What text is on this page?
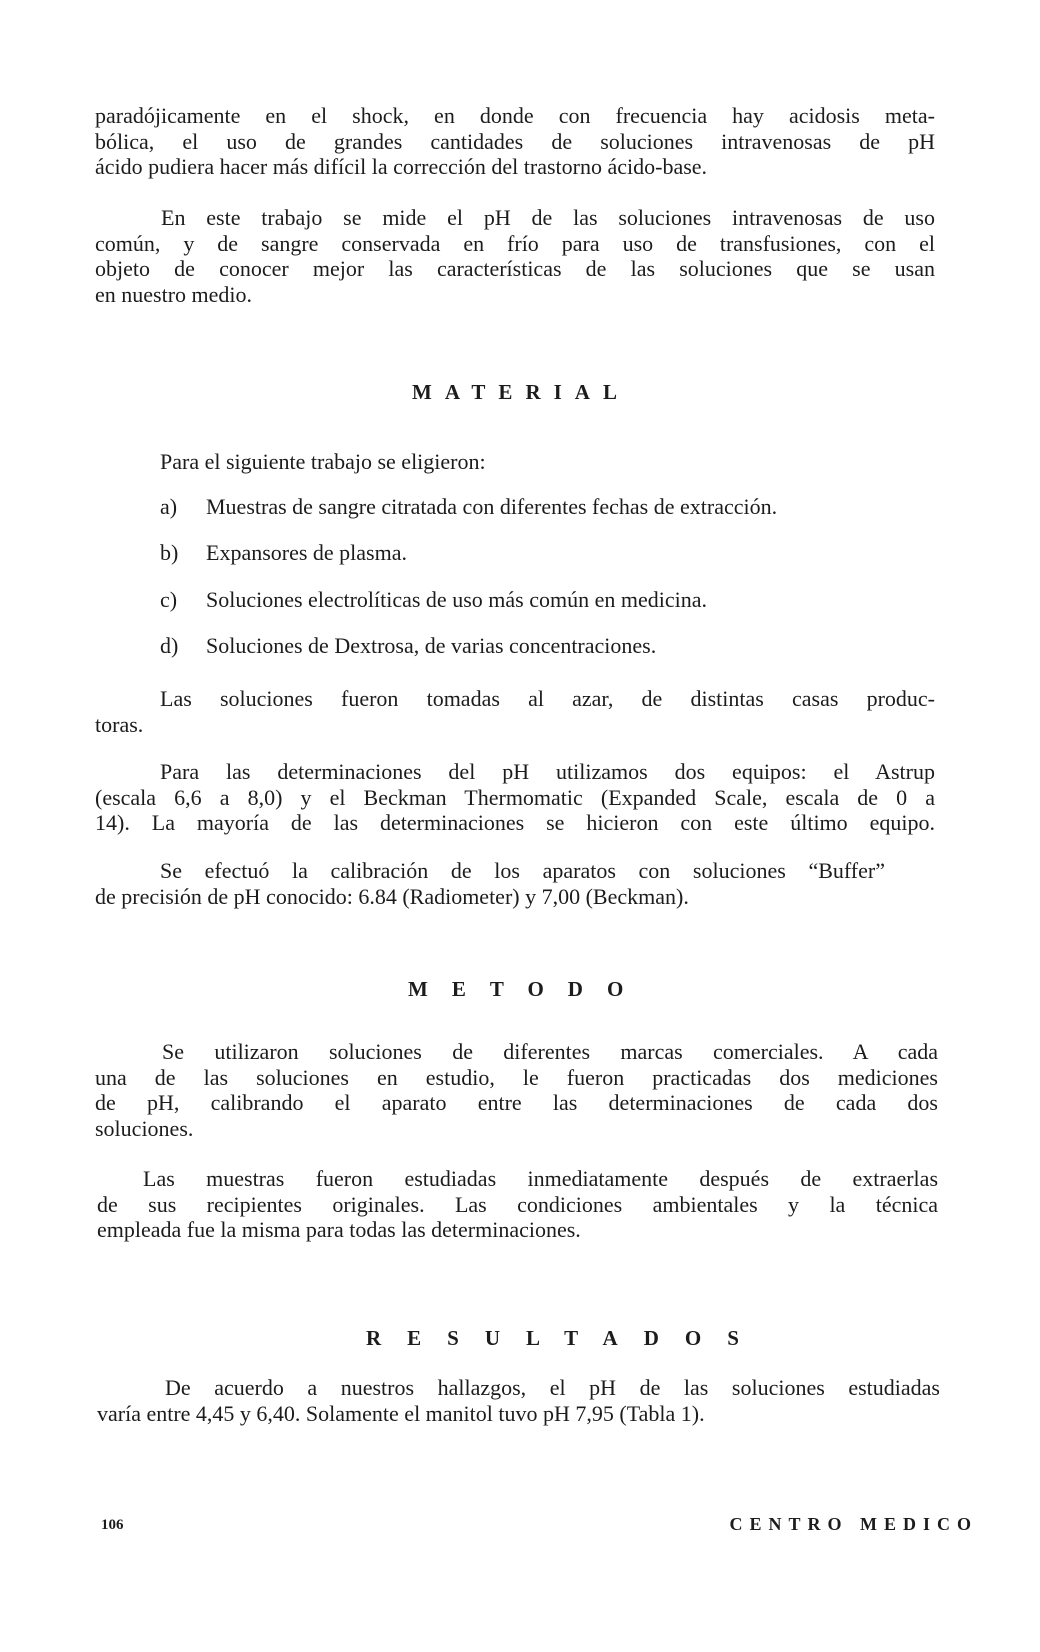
paradójicamente en el shock, en donde con frecuencia hay acidosis meta-
bólica, el uso de grandes cantidades de soluciones intravenosas de pH
ácido pudiera hacer más difícil la corrección del trastorno ácido-base.

En este trabajo se mide el pH de las soluciones intravenosas de uso
común, y de sangre conservada en frío para uso de transfusiones, con el
objeto de conocer mejor las características de las soluciones que se usan
en nuestro medio.

MATERIAL
Para el siguiente trabajo se eligieron:
a) Muestras de sangre citratada con diferentes fechas de extracción.
b) Expansores de plasma.
c) Soluciones electrolíticas de uso más común en medicina.
d) Soluciones de Dextrosa, de varias concentraciones.

Las soluciones fueron tomadas al azar, de distintas casas produc-
toras.

Para las determinaciones del pH utilizamos dos equipos: el Astrup
(escala 6,6 a 8,0) y el Beckman Thermomatic (Expanded Scale, escala de 0 a
14). La mayoría de las determinaciones se hicieron con este último equipo.

Se efectuó la calibración de los aparatos con soluciones “Buffer”
de precisión de pH conocido: 6.84 (Radiometer) y 7,00 (Beckman).

METODO

Se utilizaron soluciones de diferentes marcas comerciales. A cada
una de las soluciones en estudio, le fueron practicadas dos mediciones
de pH, calibrando el aparato entre las determinaciones de cada dos
soluciones.

Las muestras fueron estudiadas inmediatamente después de extraerlas
de sus recipientes originales. Las condiciones ambientales y la técnica
empleada fue la misma para todas las determinaciones.

RESULTADOS

De acuerdo a nuestros hallazgos, el pH de las soluciones estudiadas
varía entre 4,45 y 6,40. Solamente el manitol tuvo pH 7,95 (Tabla 1).

106	CENTRO MEDICO
